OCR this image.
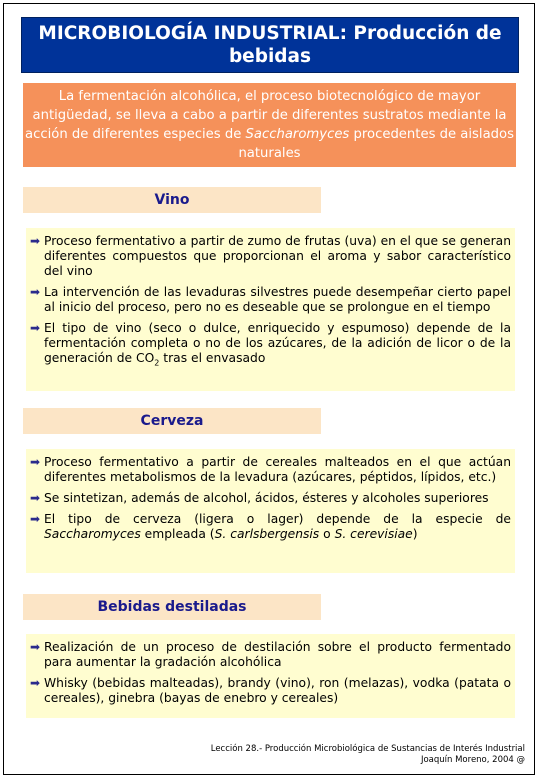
MICROBIOLOGÍA INDUSTRIAL: Producción de
bebidas
La fermentación alcohólica, el proceso biotecnológico de mayor antigüedad, se lleva a cabo a partir de diferentes sustratos mediante la acción de diferentes especies de Saccharomyces procedentes de aislados naturales
Vino
➡ Proceso fermentativo a partir de zumo de frutas (uva) en el que se generan diferentes compuestos que proporcionan el aroma y sabor característico del vino
➡ La intervención de las levaduras silvestres puede desempeñar cierto papel al inicio del proceso, pero no es deseable que se prolongue en el tiempo
➡ El tipo de vino (seco o dulce, enriquecido y espumoso) depende de la fermentación completa o no de los azúcares, de la adición de licor o de la generación de $CO_2$ tras el envasado
Cerveza
➡ Proceso fermentativo a partir de cereales malteados en el que actúan diferentes metabolismos de la levadura (azúcares, péptidos, lípidos, etc.)
➡ Se sintetizan, además de alcohol, ácidos, ésteres y alcoholes superiores
➡ El tipo de cerveza (ligera o lager) depende de la especie de Saccharomyces empleada (S. carlsbergensis o S. cerevisiae)
Bebidas destiladas
➡ Realización de un proceso de destilación sobre el producto fermentado para aumentar la gradación alcohólica
➡ Whisky (bebidas malteadas), brandy (vino), ron (melazas), vodka (patata o cereales), ginebra (bayas de enebro y cereales)
Lección 28.- Producción Microbiológica de Sustancias de Interés Industrial
Joaquín Moreno, 2004 @
